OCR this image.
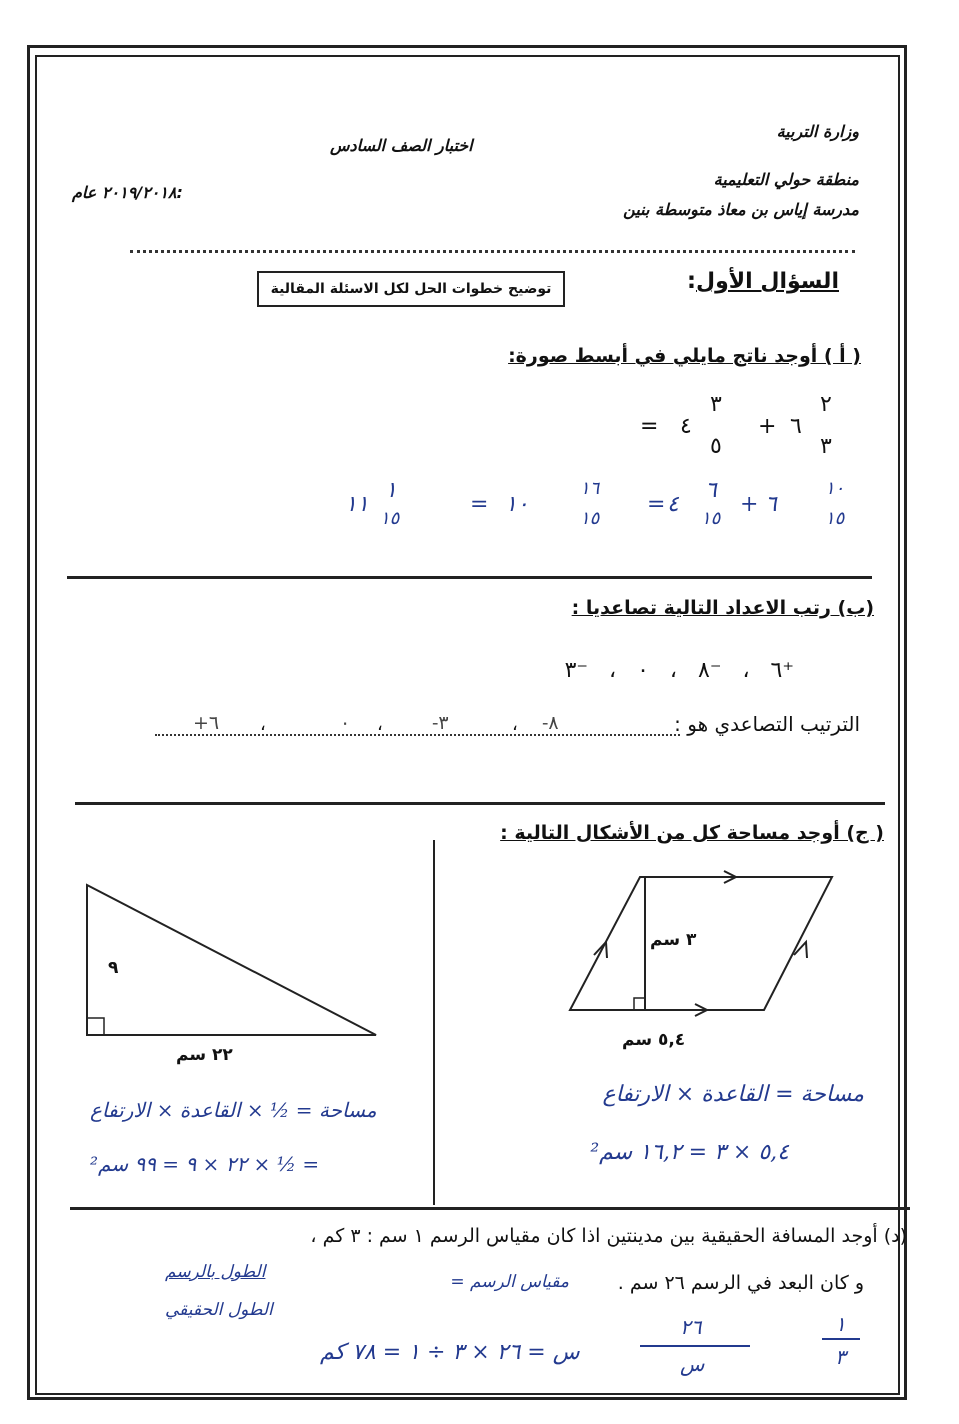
وزارة التربية
منطقة حولي التعليمية
مدرسة إياس بن معاذ متوسطة بنين
اختبار الصف السادس
٢٠١٩/٢٠١٨ عام:
السؤال الأول:
توضيح خطوات الحل لكل الاسئلة المقالية
( أ ) أوجد ناتج مايلي في أبسط صورة:
= ٤
٣
٥
+ ٦
٢
٣
١١
١
١٥
= ١٠
١٦
١٥
= ٤
٦
١٥
+ ٦
١٠
١٥
(ب) رتب الاعداد التالية تصاعديا :
⁺٦ ، ⁻٨ ، ٠ ، ⁻٣
الترتيب التصاعدي هو :
-٨
،
-٣
،
٠
،
+٦
( ج) أوجد مساحة كل من الأشكال التالية :
٣ سم
٥,٤ سم
٩
٢٢ سم
مساحة = القاعدة × الارتفاع
٥,٤ × ٣ = ١٦,٢ سم²
مساحة = ½ × القاعدة × الارتفاع
= ½ × ٢٢ × ٩ = ٩٩ سم²
(د) أوجد المسافة الحقيقية بين مدينتين اذا كان مقياس الرسم ١ سم : ٣ كم ،
و كان البعد في الرسم ٢٦ سم .
مقياس الرسم =
الطول بالرسم
الطول الحقيقي
١
٣
٢٦
س
س = ٢٦ × ٣ ÷ ١ = ٧٨ كم
